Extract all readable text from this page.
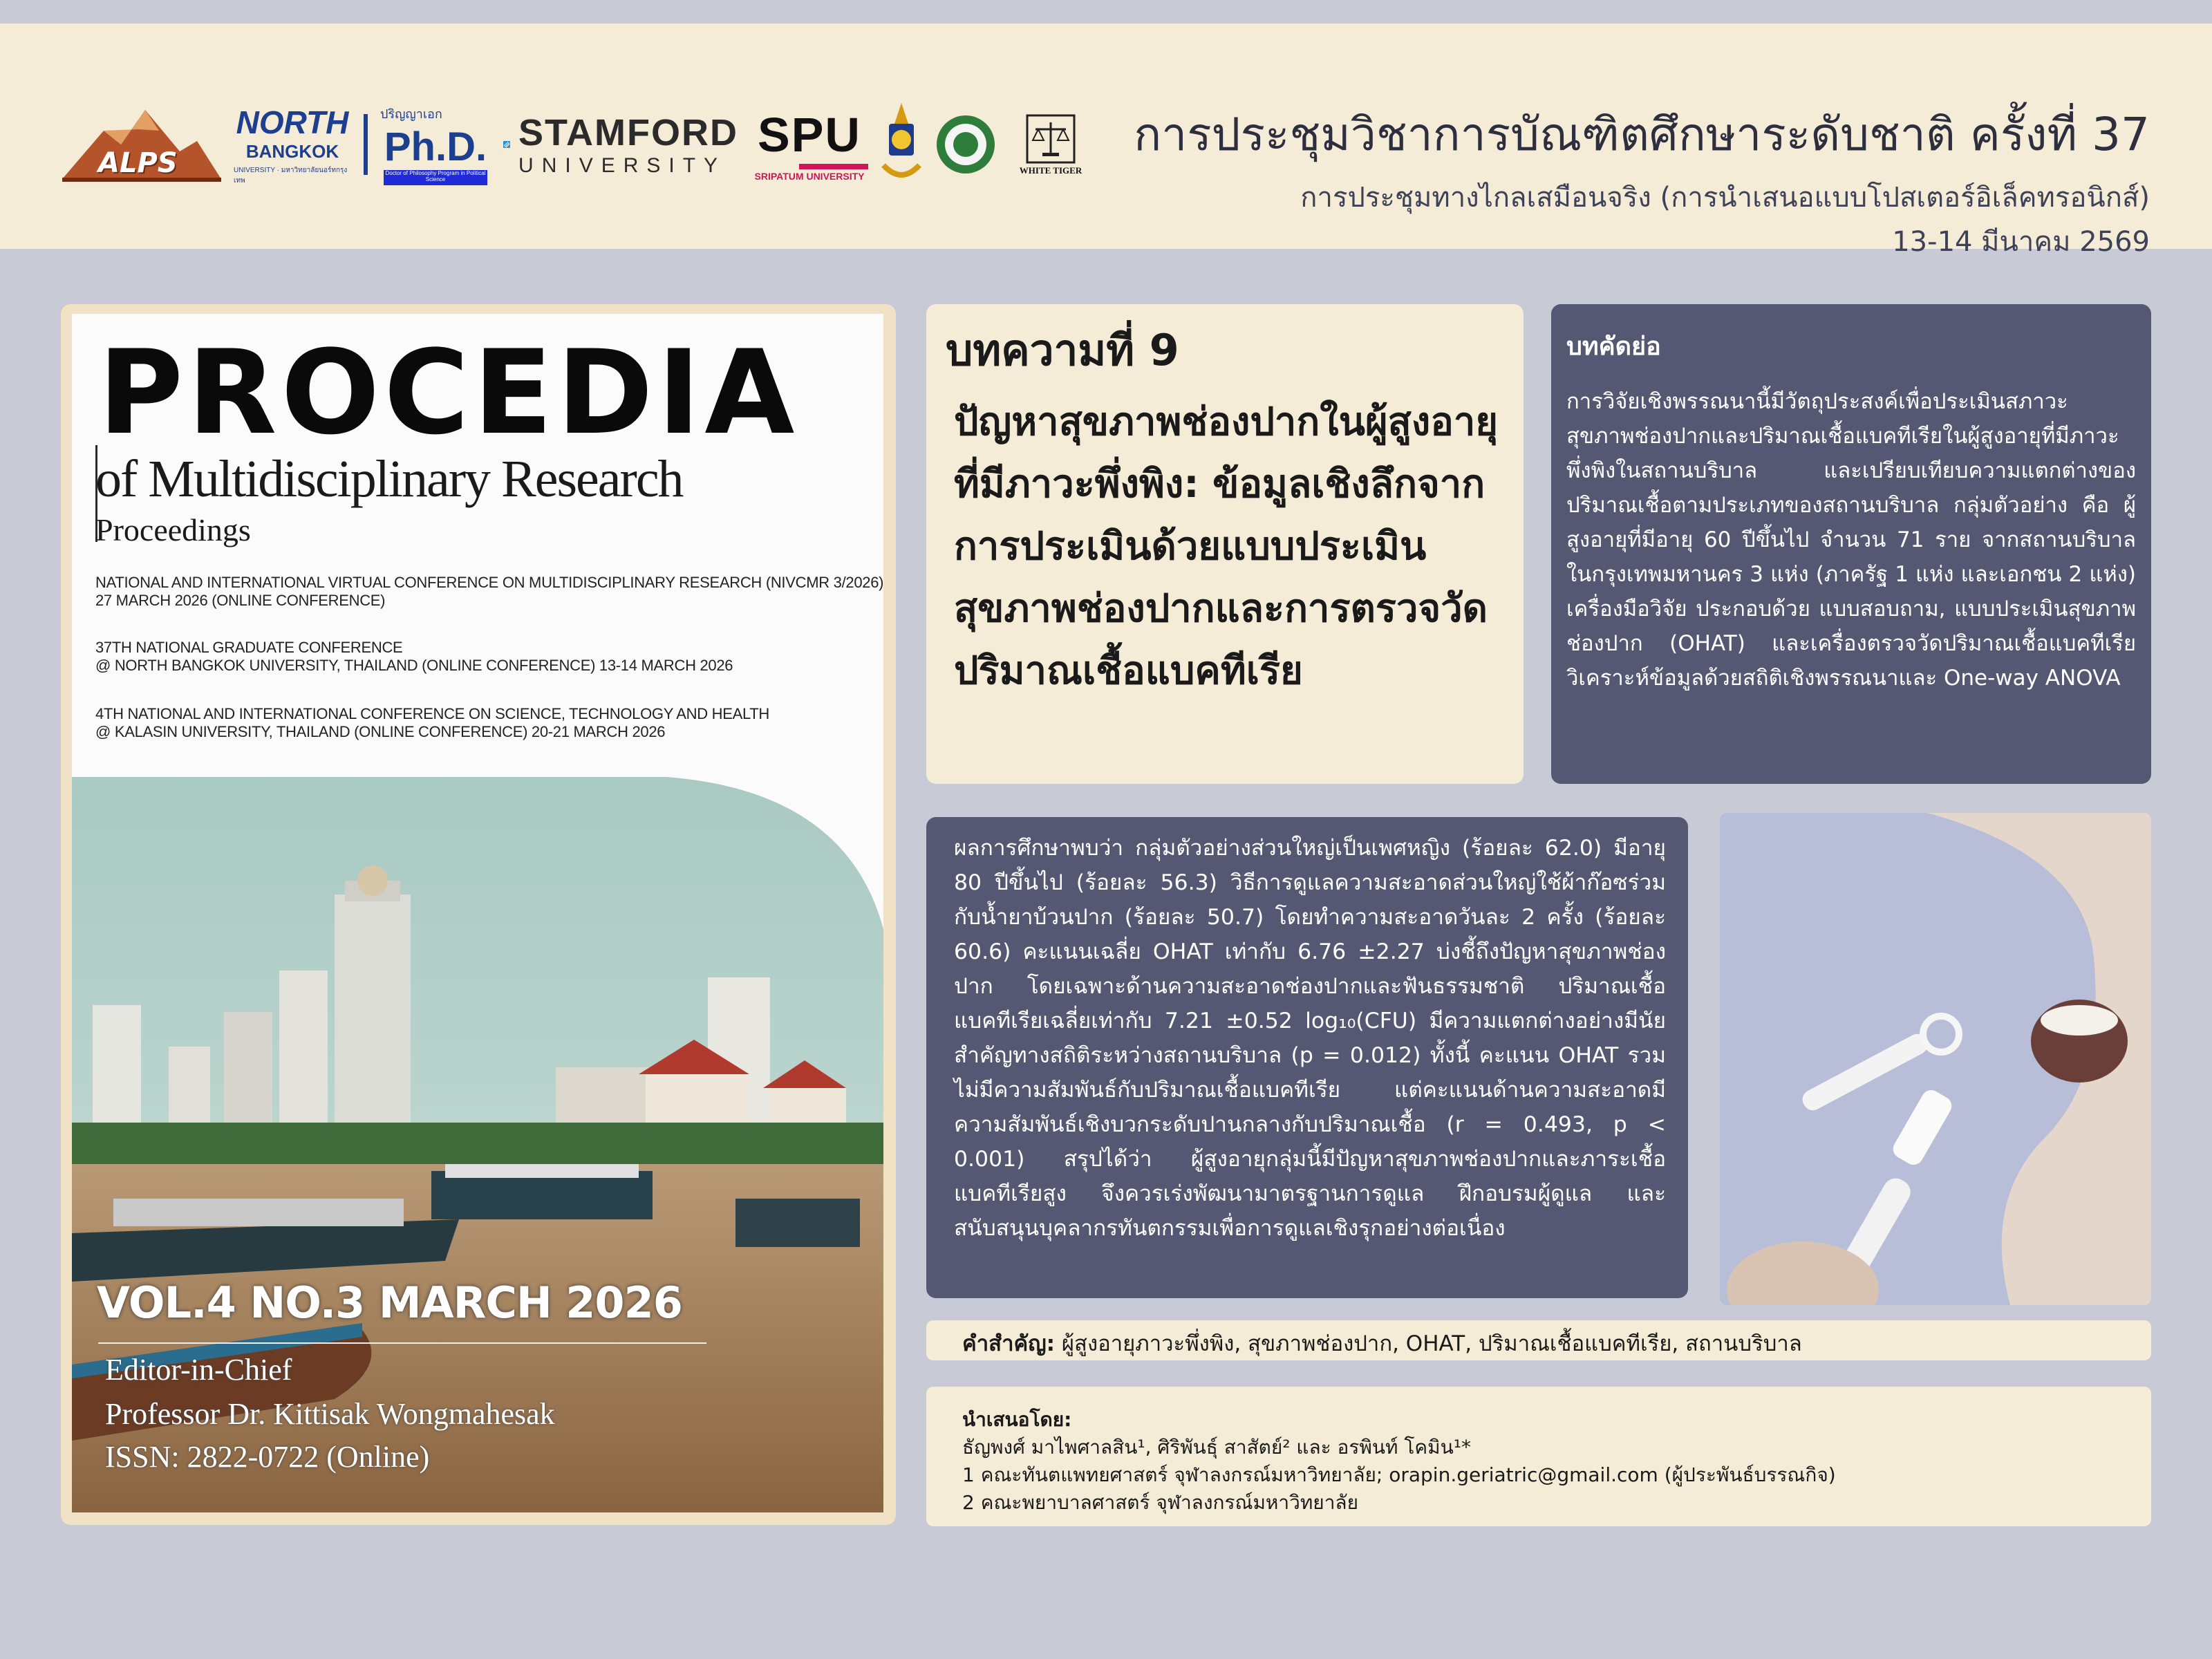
ALPS
NORTH
BANGKOK
UNIVERSITY · มหาวิทยาลัยนอร์ทกรุงเทพ
ปริญญาเอก
Ph.D.
Doctor of Philosophy Program in Political Science
STAMFORD
UNIVERSITY
SPU
SRIPATUM UNIVERSITY
WHITE TIGER
การประชุมวิชาการบัณฑิตศึกษาระดับชาติ ครั้งที่ 37
การประชุมทางไกลเสมือนจริง (การนำเสนอแบบโปสเตอร์อิเล็คทรอนิกส์)
13-14 มีนาคม 2569
PROCEDIA
of Multidisciplinary Research
Proceedings
NATIONAL AND INTERNATIONAL VIRTUAL CONFERENCE ON MULTIDISCIPLINARY RESEARCH (NIVCMR 3/2026)
27 MARCH 2026 (ONLINE CONFERENCE)
37TH NATIONAL GRADUATE CONFERENCE
@ NORTH BANGKOK UNIVERSITY, THAILAND (ONLINE CONFERENCE) 13-14 MARCH 2026
4TH NATIONAL AND INTERNATIONAL CONFERENCE ON SCIENCE, TECHNOLOGY AND HEALTH
@ KALASIN UNIVERSITY, THAILAND (ONLINE CONFERENCE) 20-21 MARCH 2026
VOL.4 NO.3 MARCH 2026
Editor-in-Chief
Professor Dr. Kittisak Wongmahesak
ISSN: 2822-0722 (Online)
บทความที่ 9
ปัญหาสุขภาพช่องปากในผู้สูงอายุที่มีภาวะพึ่งพิง: ข้อมูลเชิงลึกจากการประเมินด้วยแบบประเมินสุขภาพช่องปากและการตรวจวัดปริมาณเชื้อแบคทีเรีย
บทคัดย่อ
การวิจัยเชิงพรรณนานี้มีวัตถุประสงค์เพื่อประเมินสภาวะสุขภาพช่องปากและปริมาณเชื้อแบคทีเรียในผู้สูงอายุที่มีภาวะพึ่งพิงในสถานบริบาล และเปรียบเทียบความแตกต่างของปริมาณเชื้อตามประเภทของสถานบริบาล กลุ่มตัวอย่าง คือ ผู้สูงอายุที่มีอายุ 60 ปีขึ้นไป จำนวน 71 ราย จากสถานบริบาลในกรุงเทพมหานคร 3 แห่ง (ภาครัฐ 1 แห่ง และเอกชน 2 แห่ง) เครื่องมือวิจัย ประกอบด้วย แบบสอบถาม, แบบประเมินสุขภาพช่องปาก (OHAT) และเครื่องตรวจวัดปริมาณเชื้อแบคทีเรีย วิเคราะห์ข้อมูลด้วยสถิติเชิงพรรณนาและ One-way ANOVA
ผลการศึกษาพบว่า กลุ่มตัวอย่างส่วนใหญ่เป็นเพศหญิง (ร้อยละ 62.0) มีอายุ 80 ปีขึ้นไป (ร้อยละ 56.3) วิธีการดูแลความสะอาดส่วนใหญ่ใช้ผ้าก๊อซร่วมกับน้ำยาบ้วนปาก (ร้อยละ 50.7) โดยทำความสะอาดวันละ 2 ครั้ง (ร้อยละ 60.6) คะแนนเฉลี่ย OHAT เท่ากับ 6.76 ±2.27 บ่งชี้ถึงปัญหาสุขภาพช่องปาก โดยเฉพาะด้านความสะอาดช่องปากและฟันธรรมชาติ ปริมาณเชื้อแบคทีเรียเฉลี่ยเท่ากับ 7.21 ±0.52 log₁₀(CFU) มีความแตกต่างอย่างมีนัยสำคัญทางสถิติระหว่างสถานบริบาล (p = 0.012) ทั้งนี้ คะแนน OHAT รวมไม่มีความสัมพันธ์กับปริมาณเชื้อแบคทีเรีย แต่คะแนนด้านความสะอาดมีความสัมพันธ์เชิงบวกระดับปานกลางกับปริมาณเชื้อ (r = 0.493, p < 0.001) สรุปได้ว่า ผู้สูงอายุกลุ่มนี้มีปัญหาสุขภาพช่องปากและภาระเชื้อแบคทีเรียสูง จึงควรเร่งพัฒนามาตรฐานการดูแล ฝึกอบรมผู้ดูแล และสนับสนุนบุคลากรทันตกรรมเพื่อการดูแลเชิงรุกอย่างต่อเนื่อง
คำสำคัญ: ผู้สูงอายุภาวะพึ่งพิง, สุขภาพช่องปาก, OHAT, ปริมาณเชื้อแบคทีเรีย, สถานบริบาล
นำเสนอโดย:
ธัญพงศ์ มาไพศาลสิน¹, ศิริพันธุ์ สาสัตย์² และ อรพินท์ โคมิน¹*
1 คณะทันตแพทยศาสตร์ จุฬาลงกรณ์มหาวิทยาลัย; orapin.geriatric@gmail.com (ผู้ประพันธ์บรรณกิจ)
2 คณะพยาบาลศาสตร์ จุฬาลงกรณ์มหาวิทยาลัย
